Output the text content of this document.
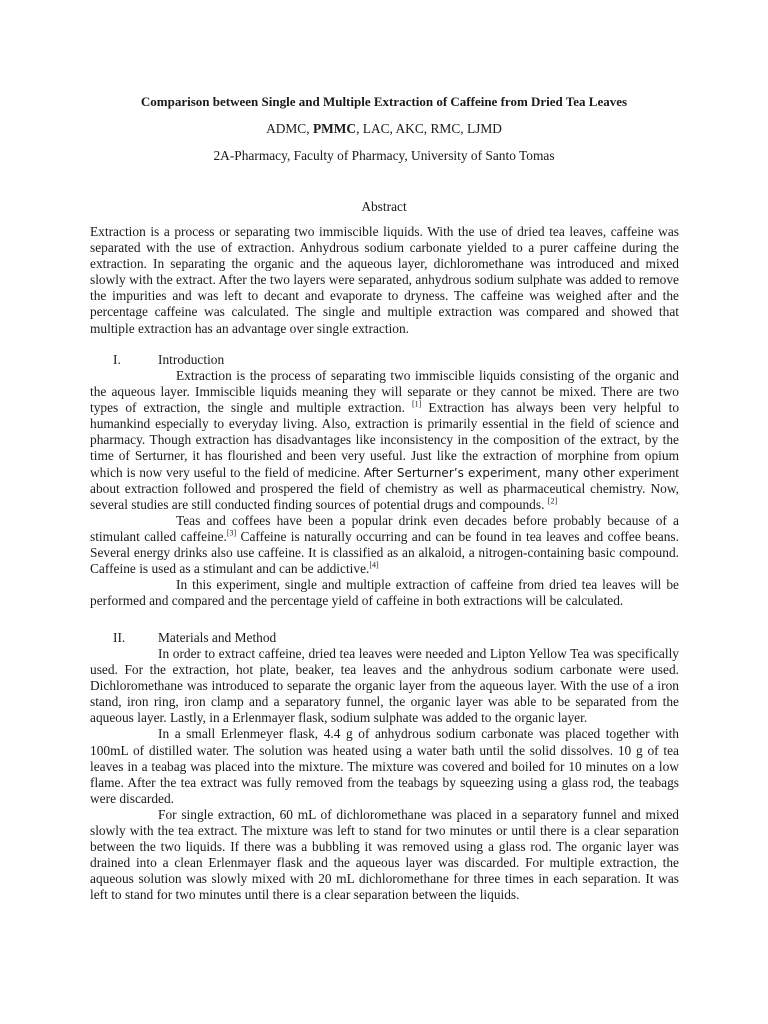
Comparison between Single and Multiple Extraction of Caffeine from Dried Tea Leaves
ADMC, PMMC, LAC, AKC, RMC, LJMD
2A-Pharmacy, Faculty of Pharmacy, University of Santo Tomas
Abstract

Extraction is a process or separating two immiscible liquids. With the use of dried tea leaves, caffeine was separated with the use of extraction. Anhydrous sodium carbonate yielded to a purer caffeine during the extraction. In separating the organic and the aqueous layer, dichloromethane was introduced and mixed slowly with the extract. After the two layers were separated, anhydrous sodium sulphate was added to remove the impurities and was left to decant and evaporate to dryness. The caffeine was weighed after and the percentage caffeine was calculated. The single and multiple extraction was compared and showed that multiple extraction has an advantage over single extraction.

I.	Introduction

Extraction is the process of separating two immiscible liquids consisting of the organic and the aqueous layer. Immiscible liquids meaning they will separate or they cannot be mixed. There are two types of extraction, the single and multiple extraction. [1] Extraction has always been very helpful to humankind especially to everyday living. Also, extraction is primarily essential in the field of science and pharmacy. Though extraction has disadvantages like inconsistency in the composition of the extract, by the time of Serturner, it has flourished and been very useful. Just like the extraction of morphine from opium which is now very useful to the field of medicine. After Serturner’s experiment, many other experiment about extraction followed and prospered the field of chemistry as well as pharmaceutical chemistry. Now, several studies are still conducted finding sources of potential drugs and compounds. [2]

Teas and coffees have been a popular drink even decades before probably because of a stimulant called caffeine.[3] Caffeine is naturally occurring and can be found in tea leaves and coffee beans. Several energy drinks also use caffeine. It is classified as an alkaloid, a nitrogen-containing basic compound. Caffeine is used as a stimulant and can be addictive.[4]

In this experiment, single and multiple extraction of caffeine from dried tea leaves will be performed and compared and the percentage yield of caffeine in both extractions will be calculated.

II. Materials and Method

In order to extract caffeine, dried tea leaves were needed and Lipton Yellow Tea was specifically used. For the extraction, hot plate, beaker, tea leaves and the anhydrous sodium carbonate were used. Dichloromethane was introduced to separate the organic layer from the aqueous layer. With the use of a iron stand, iron ring, iron clamp and a separatory funnel, the organic layer was able to be separated from the aqueous layer. Lastly, in a Erlenmayer flask, sodium sulphate was added to the organic layer.

In a small Erlenmeyer flask, 4.4 g of anhydrous sodium carbonate was placed together with 100mL of distilled water. The solution was heated using a water bath until the solid dissolves. 10 g of tea leaves in a teabag was placed into the mixture. The mixture was covered and boiled for 10 minutes on a low flame. After the tea extract was fully removed from the teabags by squeezing using a glass rod, the teabags were discarded.

For single extraction, 60 mL of dichloromethane was placed in a separatory funnel and mixed slowly with the tea extract. The mixture was left to stand for two minutes or until there is a clear separation between the two liquids. If there was a bubbling it was removed using a glass rod. The organic layer was drained into a clean Erlenmayer flask and the aqueous layer was discarded. For multiple extraction, the aqueous solution was slowly mixed with 20 mL dichloromethane for three times in each separation. It was left to stand for two minutes until there is a clear separation between the liquids.
